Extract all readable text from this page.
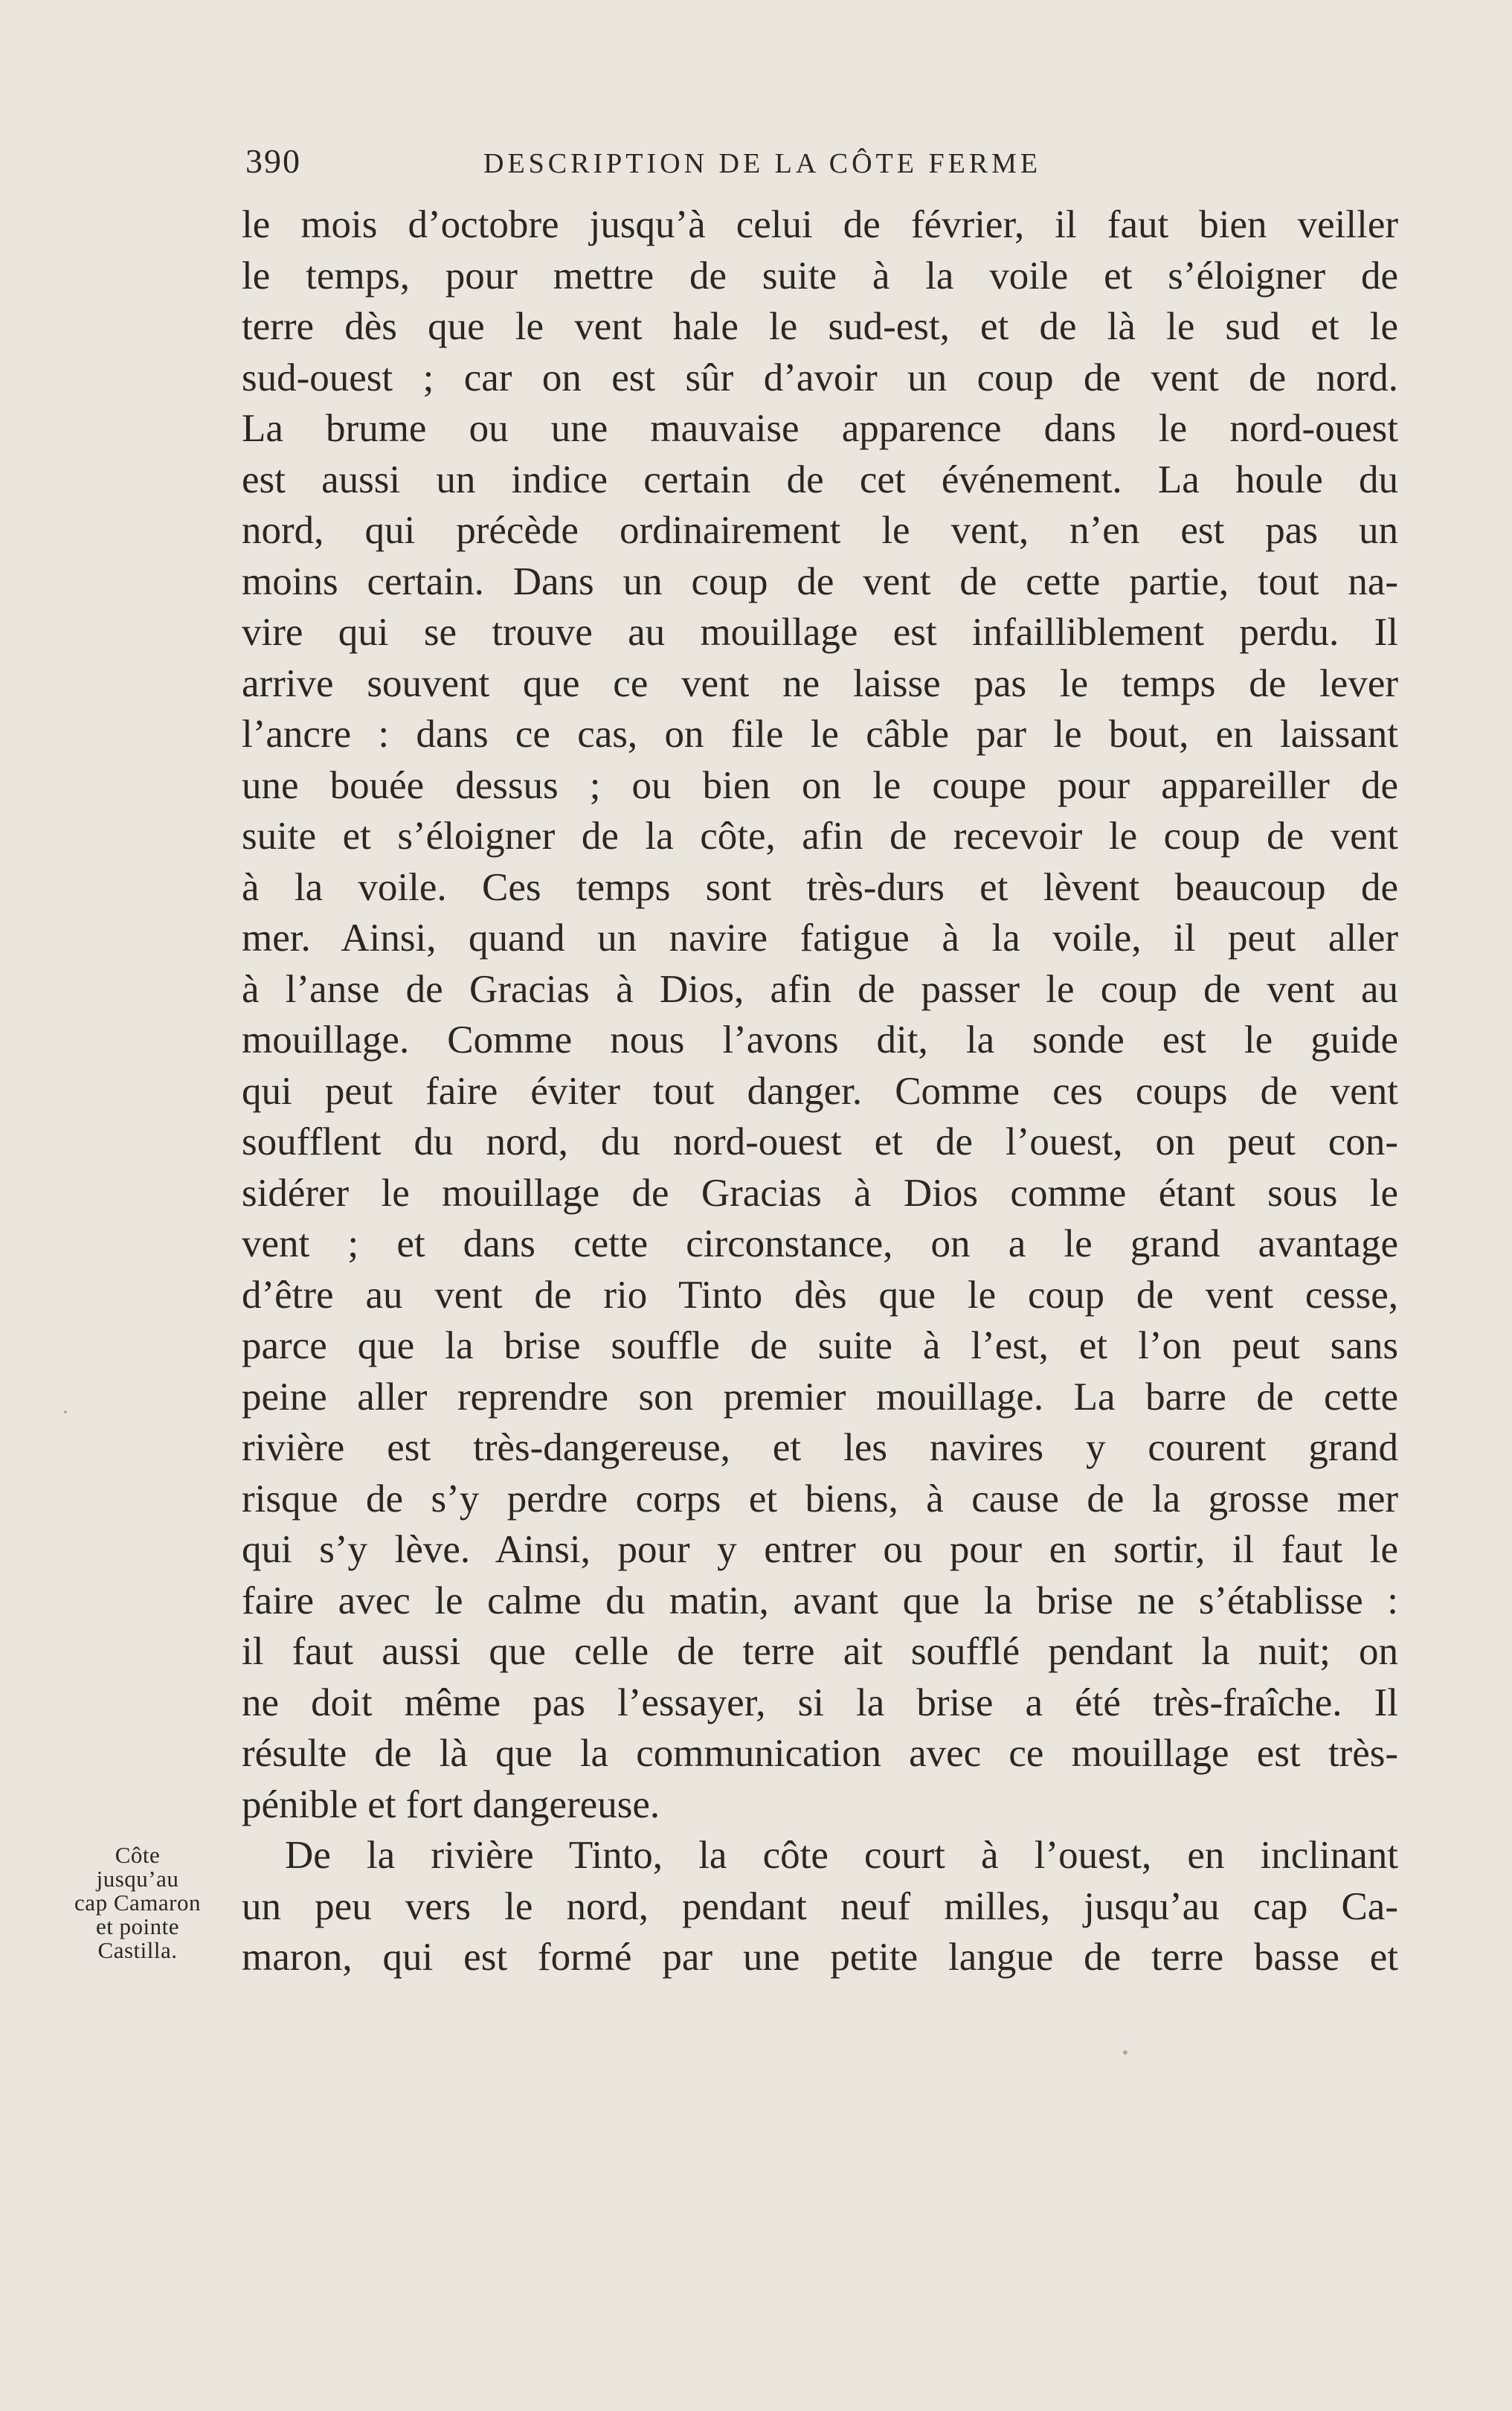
390	DESCRIPTION DE LA CÔTE FERME
le mois d’octobre jusqu’à celui de février, il faut bien veiller
le temps, pour mettre de suite à la voile et s’éloigner de
terre dès que le vent hale le sud-est, et de là le sud et le
sud-ouest ; car on est sûr d’avoir un coup de vent de nord.
La brume ou une mauvaise apparence dans le nord-ouest
est aussi un indice certain de cet événement. La houle du
nord, qui précède ordinairement le vent, n’en est pas un
moins certain. Dans un coup de vent de cette partie, tout na-
vire qui se trouve au mouillage est infailliblement perdu. Il
arrive souvent que ce vent ne laisse pas le temps de lever
l’ancre : dans ce cas, on file le câble par le bout, en laissant
une bouée dessus ; ou bien on le coupe pour appareiller de
suite et s’éloigner de la côte, afin de recevoir le coup de vent
à la voile. Ces temps sont très-durs et lèvent beaucoup de
mer. Ainsi, quand un navire fatigue à la voile, il peut aller
à l’anse de Gracias à Dios, afin de passer le coup de vent au
mouillage. Comme nous l’avons dit, la sonde est le guide
qui peut faire éviter tout danger. Comme ces coups de vent
soufflent du nord, du nord-ouest et de l’ouest, on peut con-
sidérer le mouillage de Gracias à Dios comme étant sous le
vent ; et dans cette circonstance, on a le grand avantage
d’être au vent de rio Tinto dès que le coup de vent cesse,
parce que la brise souffle de suite à l’est, et l’on peut sans
peine aller reprendre son premier mouillage. La barre de cette
rivière est très-dangereuse, et les navires y courent grand
risque de s’y perdre corps et biens, à cause de la grosse mer
qui s’y lève. Ainsi, pour y entrer ou pour en sortir, il faut le
faire avec le calme du matin, avant que la brise ne s’établisse :
il faut aussi que celle de terre ait soufflé pendant la nuit; on
ne doit même pas l’essayer, si la brise a été très-fraîche. Il
résulte de là que la communication avec ce mouillage est très-
pénible et fort dangereuse.
De la rivière Tinto, la côte court à l’ouest, en inclinant
un peu vers le nord, pendant neuf milles, jusqu’au cap Ca-
maron, qui est formé par une petite langue de terre basse et
Côte
jusqu’au
cap Camaron
et pointe
Castilla.
